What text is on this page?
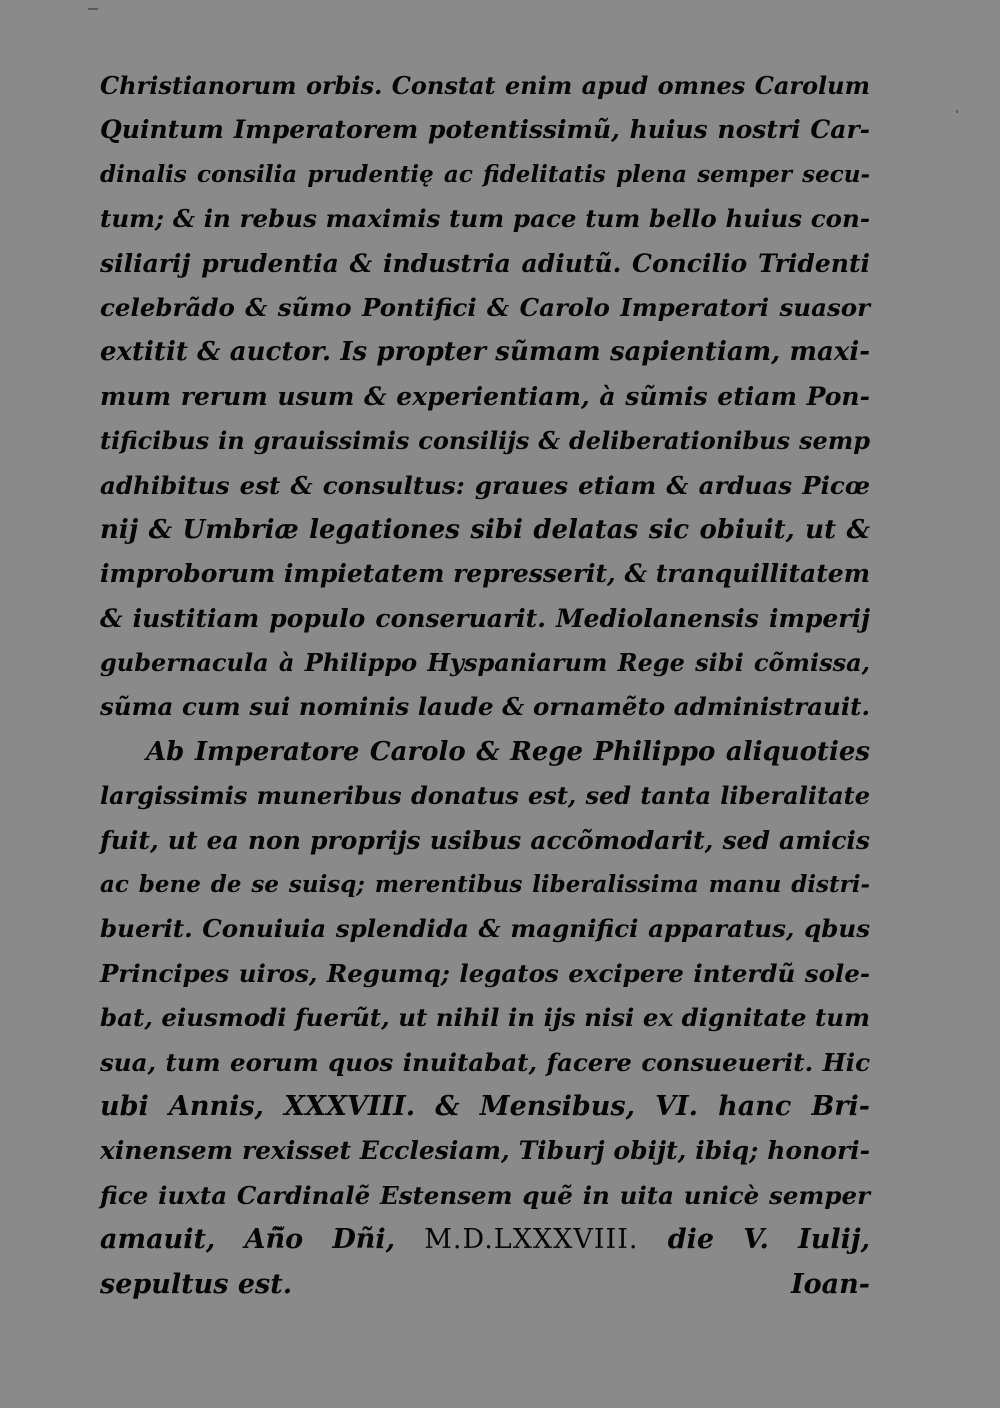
Christianorum orbis. Constat enim apud omnes Carolum
Quintum Imperatorem potentissimũ, huius nostri Car-
dinalis consilia prudentię ac fidelitatis plena semper secu-
tum; & in rebus maximis tum pace tum bello huius con-
siliarij prudentia & industria adiutũ. Concilio Tridenti
celebrãdo & sũmo Pontifici & Carolo Imperatori suasor
extitit & auctor. Is propter sũmam sapientiam, maxi-
mum rerum usum & experientiam, à sũmis etiam Pon-
tificibus in grauissimis consilijs & deliberationibus semp
adhibitus est & consultus: graues etiam & arduas Picœ
nij & Umbriæ legationes sibi delatas sic obiuit, ut &
improborum impietatem represserit, & tranquillitatem
& iustitiam populo conseruarit. Mediolanensis imperij
gubernacula à Philippo Hyspaniarum Rege sibi cõmissa,
sũma cum sui nominis laude & ornamẽto administrauit.
Ab Imperatore Carolo & Rege Philippo aliquoties
largissimis muneribus donatus est, sed tanta liberalitate
fuit, ut ea non proprijs usibus accõmodarit, sed amicis
ac bene de se suisq; merentibus liberalissima manu distri-
buerit. Conuiuia splendida & magnifici apparatus, qbus
Principes uiros, Regumq; legatos excipere interdũ sole-
bat, eiusmodi fuerũt, ut nihil in ijs nisi ex dignitate tum
sua, tum eorum quos inuitabat, facere consueuerit. Hic
ubi Annis, XXXVIII. & Mensibus, VI. hanc Bri-
xinensem rexisset Ecclesiam, Tiburj obijt, ibiq; honori-
fice iuxta Cardinalẽ Estensem quẽ in uita unicè semper
amauit, Añ̃o Dñi, M.D.LXXXVIII. die V. Iulij,
sepultus est.	Ioan-
